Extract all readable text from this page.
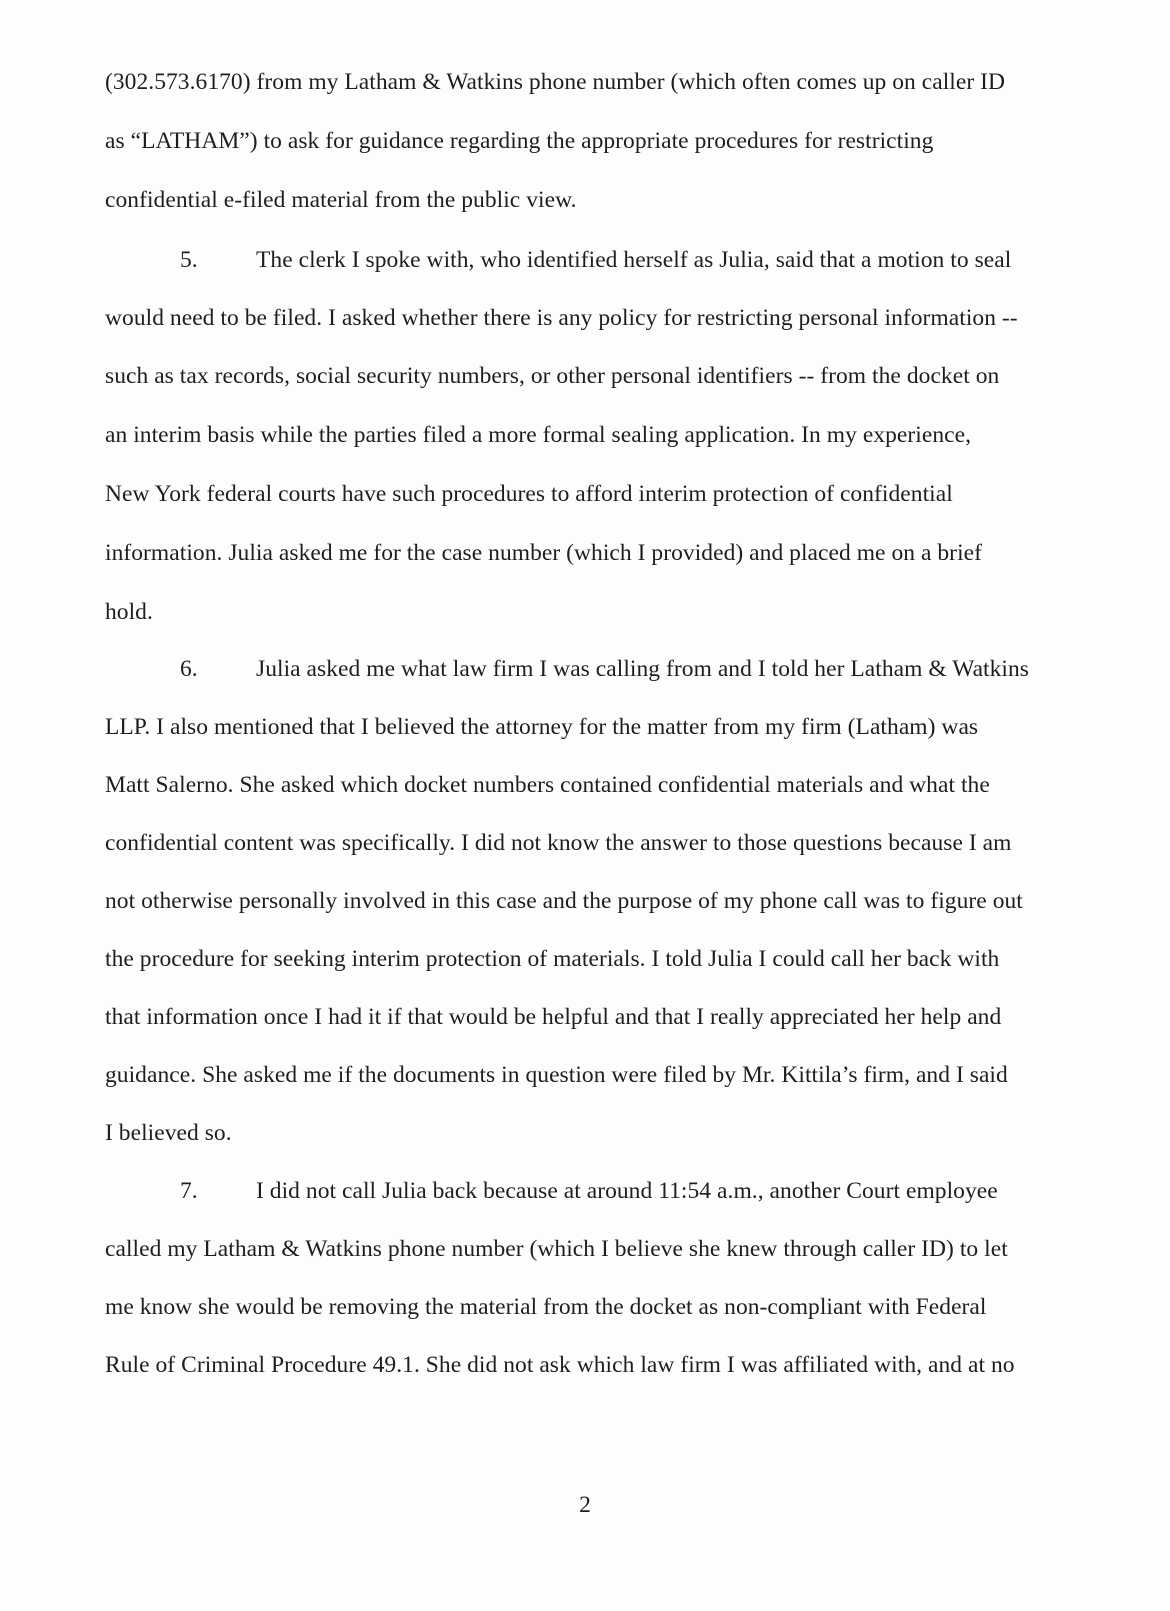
(302.573.6170) from my Latham & Watkins phone number (which often comes up on caller ID
as “LATHAM”) to ask for guidance regarding the appropriate procedures for restricting
confidential e-filed material from the public view.
5. The clerk I spoke with, who identified herself as Julia, said that a motion to seal
would need to be filed. I asked whether there is any policy for restricting personal information --
such as tax records, social security numbers, or other personal identifiers -- from the docket on
an interim basis while the parties filed a more formal sealing application. In my experience,
New York federal courts have such procedures to afford interim protection of confidential
information. Julia asked me for the case number (which I provided) and placed me on a brief
hold.
6. Julia asked me what law firm I was calling from and I told her Latham & Watkins
LLP. I also mentioned that I believed the attorney for the matter from my firm (Latham) was
Matt Salerno. She asked which docket numbers contained confidential materials and what the
confidential content was specifically. I did not know the answer to those questions because I am
not otherwise personally involved in this case and the purpose of my phone call was to figure out
the procedure for seeking interim protection of materials. I told Julia I could call her back with
that information once I had it if that would be helpful and that I really appreciated her help and
guidance. She asked me if the documents in question were filed by Mr. Kittila’s firm, and I said
I believed so.
7. I did not call Julia back because at around 11:54 a.m., another Court employee
called my Latham & Watkins phone number (which I believe she knew through caller ID) to let
me know she would be removing the material from the docket as non-compliant with Federal
Rule of Criminal Procedure 49.1. She did not ask which law firm I was affiliated with, and at no
2
